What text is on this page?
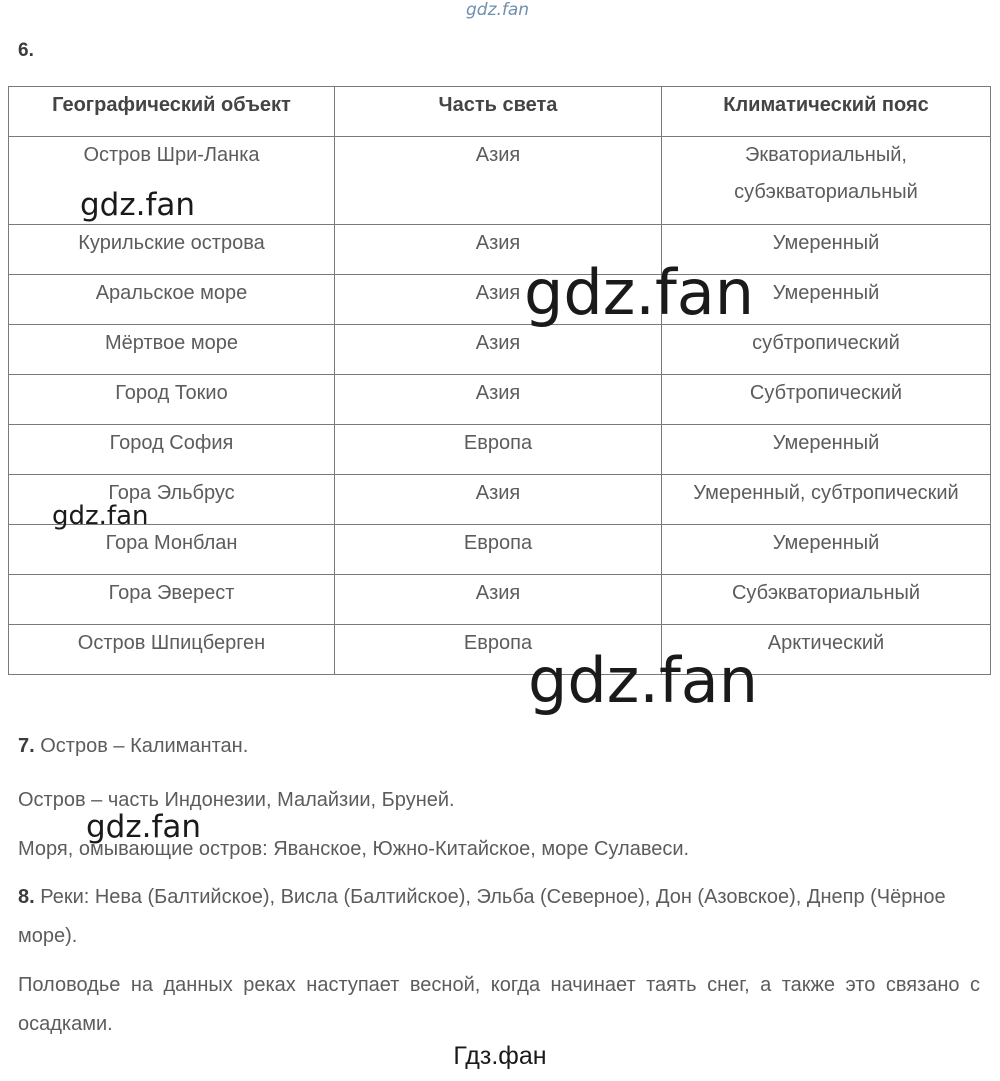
6.
Географический объект	Часть света	Климатический пояс
Остров Шри-Ланка	Азия	Экваториальный,
субэкваториальный
Курильские острова	Азия	Умеренный
Аральское море	Азия	Умеренный
Мёртвое море	Азия	субтропический
Город Токио	Азия	Субтропический
Город София	Европа	Умеренный
Гора Эльбрус	Азия	Умеренный, субтропический
Гора Монблан	Европа	Умеренный
Гора Эверест	Азия	Субэкваториальный
Остров Шпицберген	Европа	Арктический
7. Остров – Калимантан.
Остров – часть Индонезии, Малайзии, Бруней.
Моря, омывающие остров: Яванское, Южно-Китайское, море Сулавеси.
8. Реки: Нева (Балтийское), Висла (Балтийское), Эльба (Северное), Дон (Азовское), Днепр (Чёрное море).
Половодье на данных реках наступает весной, когда начинает таять снег, а также это связано с осадками.
gdz.fan
gdz.fan
gdz.fan
gdz.fan
gdz.fan
gdz.fan
Гдз.фан
